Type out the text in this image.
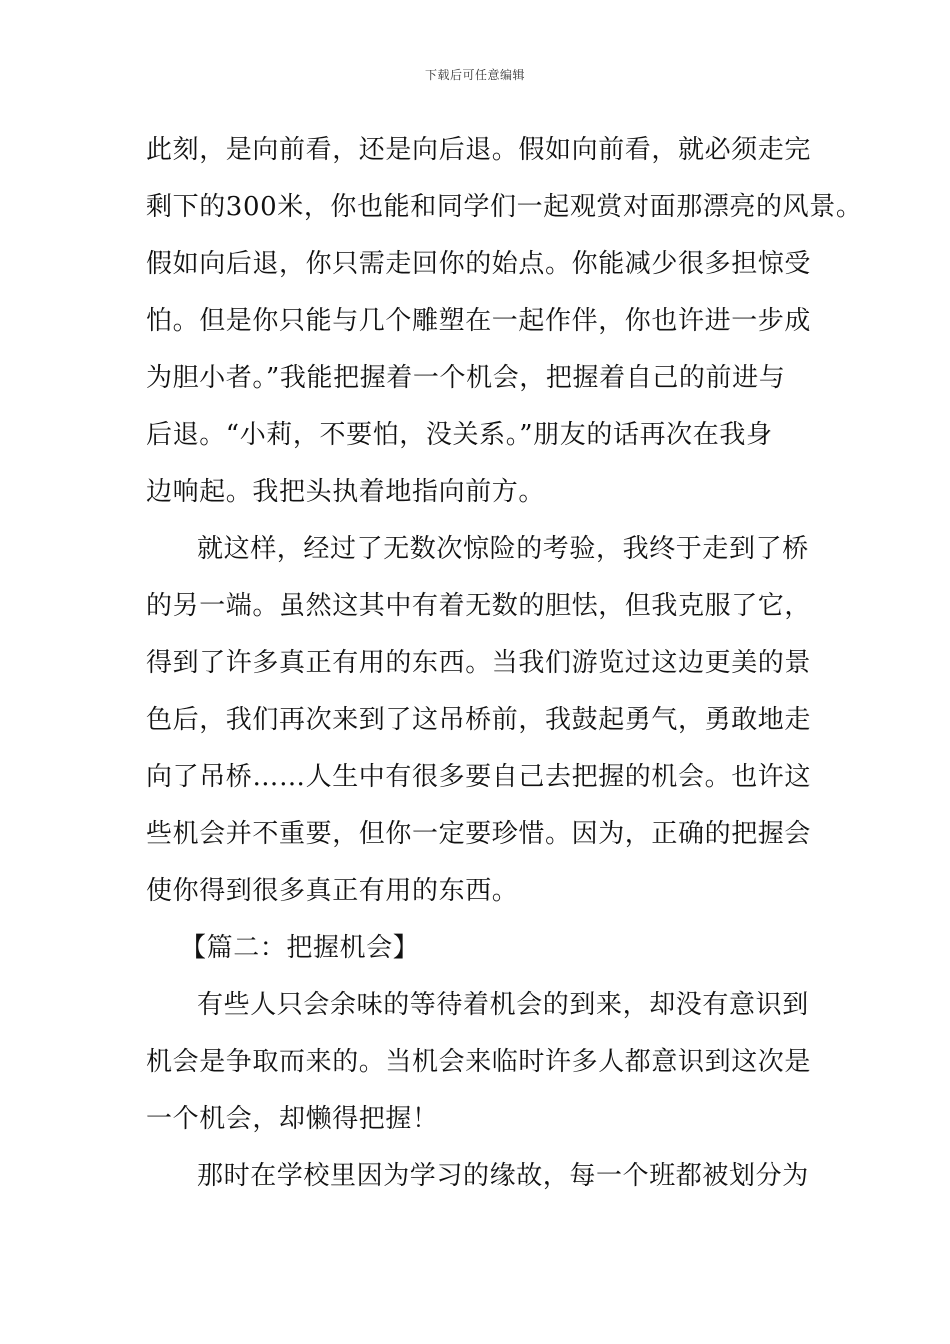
下载后可任意编辑
此刻，是向前看，还是向后退。假如向前看，就必须走完
剩下的300米，你也能和同学们一起观赏对面那漂亮的风景。
假如向后退，你只需走回你的始点。你能减少很多担惊受
怕。但是你只能与几个雕塑在一起作伴，你也许进一步成
为胆小者。”我能把握着一个机会，把握着自己的前进与
后退。“小莉，不要怕，没关系。”朋友的话再次在我身
边响起。我把头执着地指向前方。
就这样，经过了无数次惊险的考验，我终于走到了桥
的另一端。虽然这其中有着无数的胆怯，但我克服了它，
得到了许多真正有用的东西。当我们游览过这边更美的景
色后，我们再次来到了这吊桥前，我鼓起勇气，勇敢地走
向了吊桥……人生中有很多要自己去把握的机会。也许这
些机会并不重要，但你一定要珍惜。因为，正确的把握会
使你得到很多真正有用的东西。
【篇二：把握机会】
有些人只会余味的等待着机会的到来，却没有意识到
机会是争取而来的。当机会来临时许多人都意识到这次是
一个机会，却懒得把握！
那时在学校里因为学习的缘故，每一个班都被划分为
